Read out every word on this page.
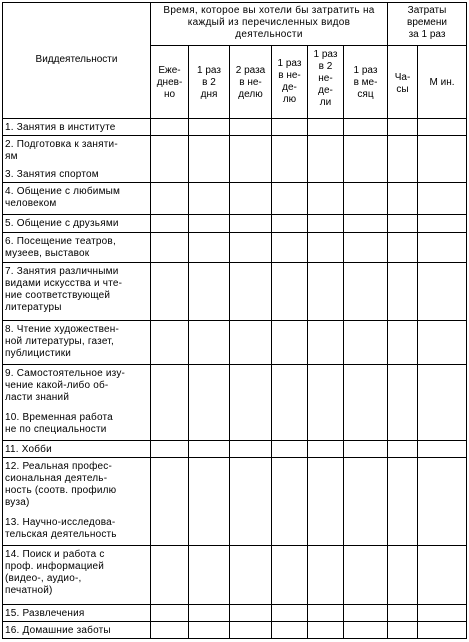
Виддеятельности
Время, которое вы хотели бы затратить на каждый из перечисленных видов деятельности
Затраты
времени
за 1 раз
Еже-
днев-
но
1 раз
в 2
дня
2 раза
в не-
делю
1 раз
в не-
де-
лю
1 раз
в 2
не-
де-
ли
1 раз
в ме-
сяц
Ча-
сы
М ин.
1. Занятия в институте
2. Подготовка к заняти-
ям
3. Занятия спортом
4. Общение с любимым
человеком
5. Общение с друзьями
6. Посещение театров,
музеев, выставок
7. Занятия различными
видами искусства и чте-
ние соответствующей
литературы
8. Чтение художествен-
ной литературы, газет,
публицистики
9. Самостоятельное изу-
чение какой-либо об-
ласти знаний
10. Временная работа
не по специальности
11. Хобби
12. Реальная профес-
сиональная деятель-
ность (соотв. профилю
вуза)
13. Научно-исследова-
тельская деятельность
14. Поиск и работа с
проф. информацией
(видео-, аудио-,
печатной)
15. Развлечения
16. Домашние заботы
